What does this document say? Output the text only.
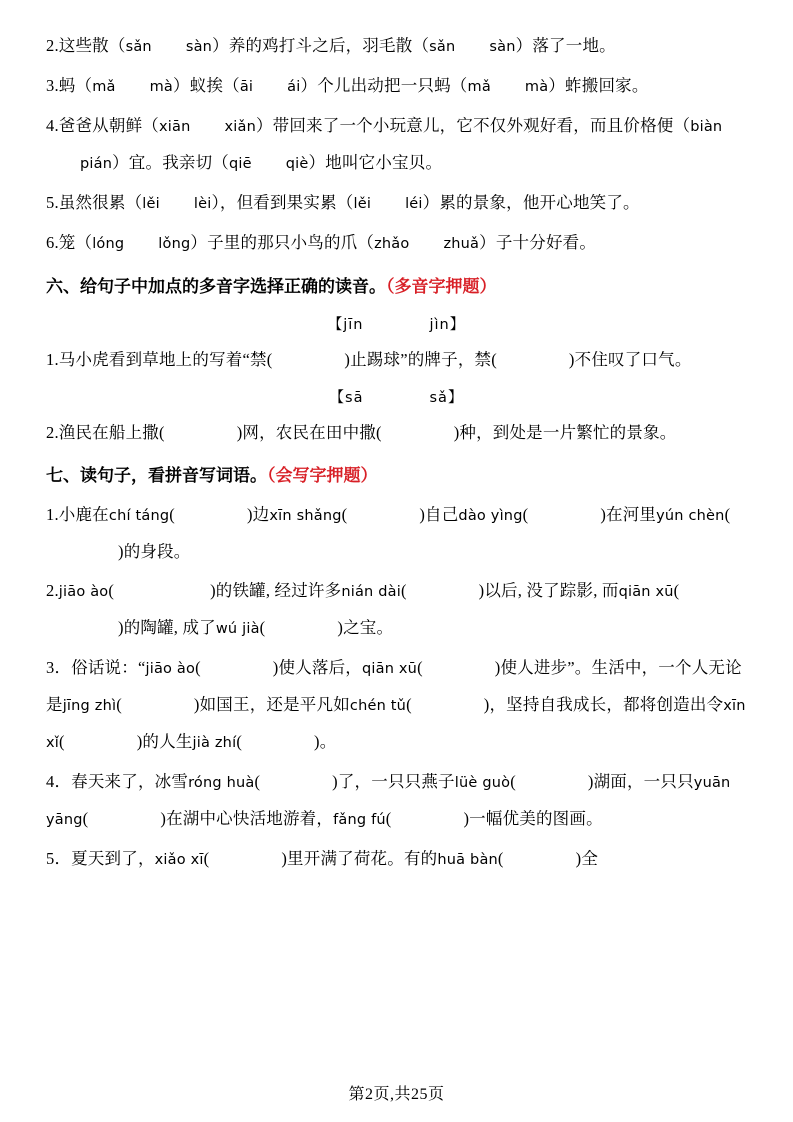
2.这些散（sǎn sàn）养的鸡打斗之后，羽毛散（sǎn sàn）落了一地。
3.蚂（mǎ mà）蚁挨（āi ái）个儿出动把一只蚂（mǎ mà）蚱搬回家。
4.爸爸从朝鲜（xiān xiǎn）带回来了一个小玩意儿，它不仅外观好看，而且价格便（biànpián）宜。我亲切（qiē qiè）地叫它小宝贝。
5.虽然很累（lěi lèi），但看到果实累（lěi léi）累的景象，他开心地笑了。
6.笼（lóng lǒng）子里的那只小鸟的爪（zhǎo zhuǎ）子十分好看。
六、给句子中加点的多音字选择正确的读音。（多音字押题）
【jīn	jìn】
1.马小虎看到草地上的写着“禁(	)止踢球”的牌子，禁(	)不住叹了口气。
【sā	sǎ】
2.渔民在船上撒(	)网，农民在田中撒(	)种，到处是一片繁忙的景象。
七、读句子，看拼音写词语。（会写字押题）
1.小鹿在chí táng(	)边xīn shǎng(	)自己dào yìng(	)在河里yún chèn()的身段。
2.jiāo ào(	)的铁罐, 经过许多nián dài(	)以后, 没了踪影, 而qiān xū()的陶罐, 成了wú jià(	)之宝。
3．俗话说：“jiāo ào(	)使人落后，qiān xū(	)使人进步”。生活中，一个人无论是jīng zhì(	)如国王，还是平凡如chén tǔ(	)，坚持自我成长，都将创造出令xīn xǐ(	)的人生jià zhí(	)。
4．春天来了，冰雪róng huà(	)了，一只只燕子lüè guò(	)湖面，一只只yuān yāng(	)在湖中心快活地游着，fǎng fú(	)一幅优美的图画。
5．夏天到了，xiǎo xī(	)里开满了荷花。有的huā bàn(	)全
第2页,共25页
